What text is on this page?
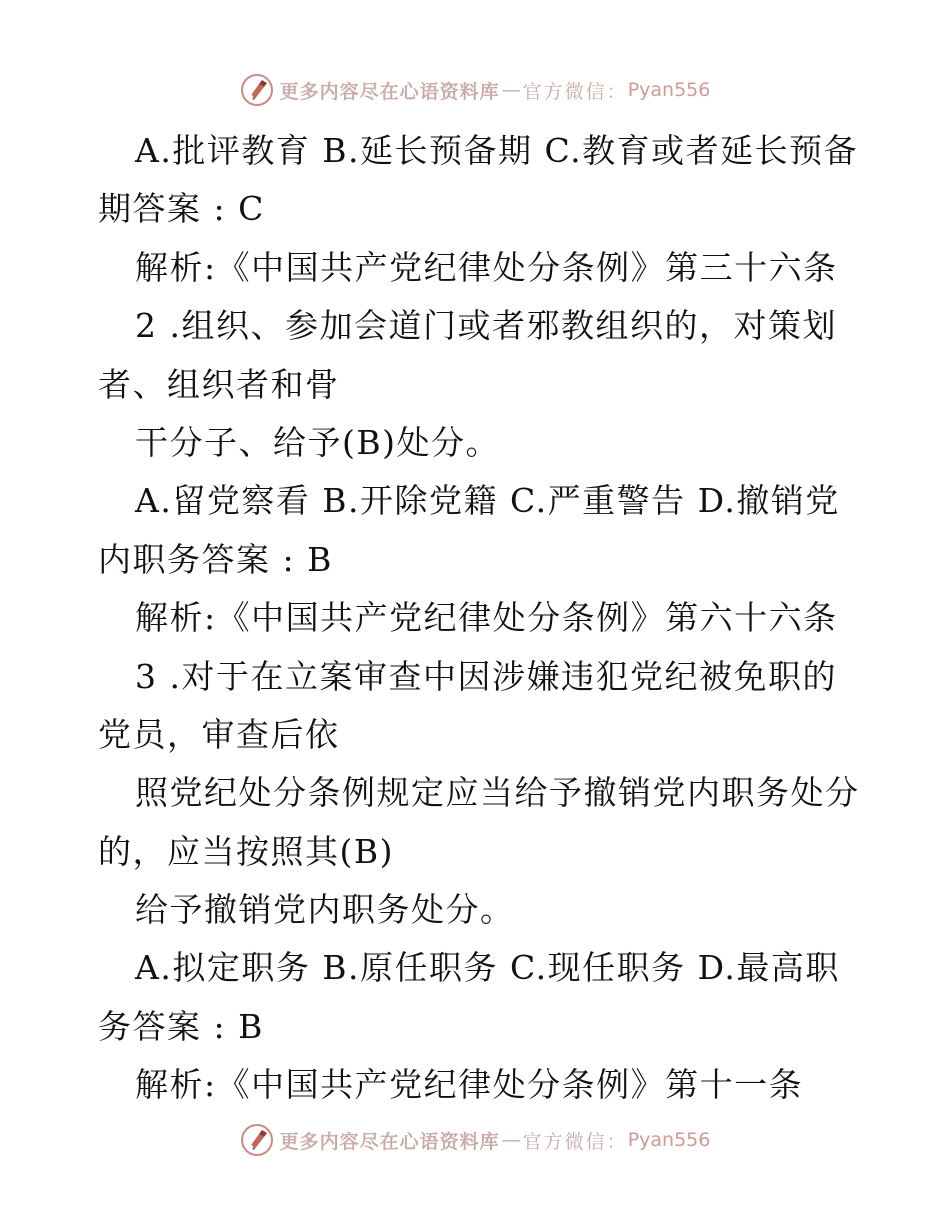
更多内容尽在心语资料库 — 官方微信： Pyan556
A.批评教育 B.延长预备期 C.教育或者延长预备
期答案 : C
解析:《中国共产党纪律处分条例》第三十六条
2 .组织、参加会道门或者邪教组织的，对策划
者、组织者和骨
干分子、给予(B)处分。
A.留党察看 B.开除党籍 C.严重警告 D.撤销党
内职务答案 : B
解析:《中国共产党纪律处分条例》第六十六条
3 .对于在立案审查中因涉嫌违犯党纪被免职的
党员，审查后依
照党纪处分条例规定应当给予撤销党内职务处分
的，应当按照其(B)
给予撤销党内职务处分。
A.拟定职务 B.原任职务 C.现任职务 D.最高职
务答案 : B
解析:《中国共产党纪律处分条例》第十一条
更多内容尽在心语资料库 — 官方微信： Pyan556
